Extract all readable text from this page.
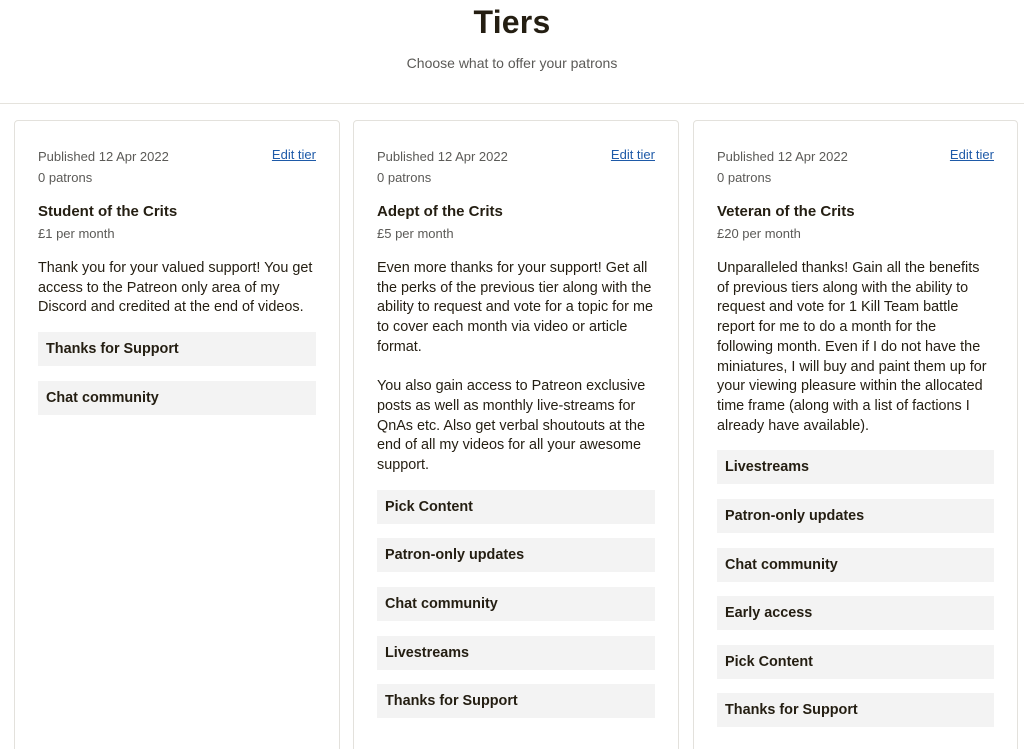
Tiers
Choose what to offer your patrons
Published 12 Apr 2022	Edit tier
0 patrons
Student of the Crits
£1 per month

Thank you for your valued support! You get access to the Patreon only area of my Discord and credited at the end of videos.

Thanks for Support
Chat community
Published 12 Apr 2022	Edit tier
0 patrons
Adept of the Crits
£5 per month

Even more thanks for your support! Get all the perks of the previous tier along with the ability to request and vote for a topic for me to cover each month via video or article format.

You also gain access to Patreon exclusive posts as well as monthly live-streams for QnAs etc. Also get verbal shoutouts at the end of all my videos for all your awesome support.

Pick Content
Patron-only updates
Chat community
Livestreams
Thanks for Support
Published 12 Apr 2022	Edit tier
0 patrons
Veteran of the Crits
£20 per month

Unparalleled thanks! Gain all the benefits of previous tiers along with the ability to request and vote for 1 Kill Team battle report for me to do a month for the following month. Even if I do not have the miniatures, I will buy and paint them up for your viewing pleasure within the allocated time frame (along with a list of factions I already have available).

Livestreams
Patron-only updates
Chat community
Early access
Pick Content
Thanks for Support
